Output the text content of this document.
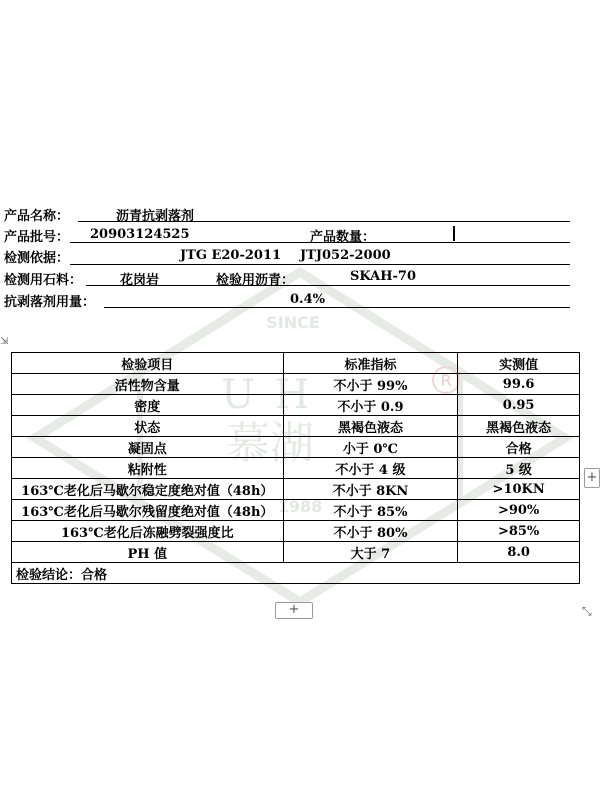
SINCE
U H	R
慕湖
1988
产品名称：	沥青抗剥落剂
产品批号： 20903124525	产品数量：
检测依据：	JTG E20-2011 JTJ052-2000
检测用石料：	花岗岩	检验用沥青：	SKAH-70
抗剥落剂用量：	0.4%
⇲
检验项目	标准指标	实测值
活性物含量	不小于 99%	99.6
密度	不小于 0.9	0.95
状态	黑褐色液态	黑褐色液态
凝固点	小于 0℃	合格
粘附性	不小于 4 级	5 级
163℃老化后马歇尔稳定度绝对值（48h）	不小于 8KN	>10KN
163℃老化后马歇尔残留度绝对值（48h）	不小于 85%	>90%
163℃老化后冻融劈裂强度比	不小于 80%	>85%
PH 值	大于 7	8.0
检验结论：合格		
+
+	⤡
